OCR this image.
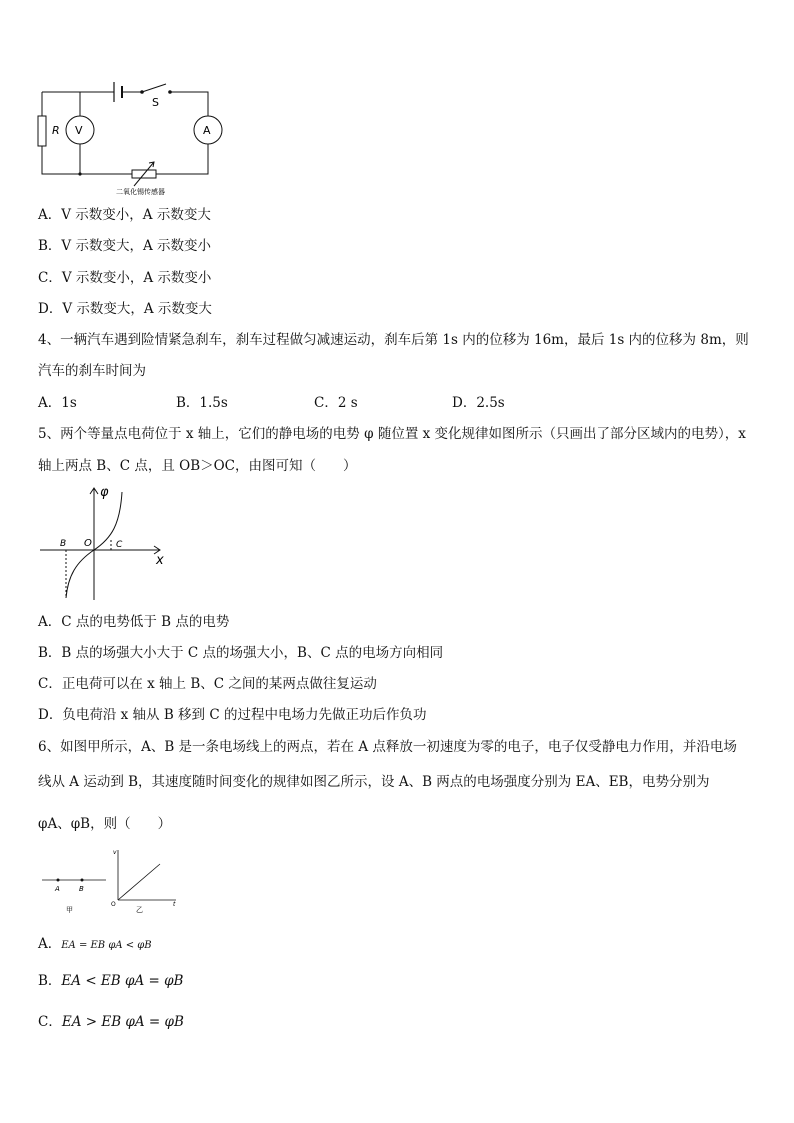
R V
S
A
二氧化锡传感器
A．V 示数变小，A 示数变大
B．V 示数变大，A 示数变小
C．V 示数变小，A 示数变小
D．V 示数变大，A 示数变大
4、一辆汽车遇到险情紧急刹车，刹车过程做匀减速运动，刹车后第 1s 内的位移为 16m，最后 1s 内的位移为 8m，则
汽车的刹车时间为
A．1s	B．1.5s	C．2 s	D．2.5s
5、两个等量点电荷位于 x 轴上，它们的静电场的电势 φ 随位置 x 变化规律如图所示（只画出了部分区域内的电势），x
轴上两点 B、C 点，且 OB＞OC，由图可知（　　）
φ
x
O
B	C
A．C 点的电势低于 B 点的电势
B．B 点的场强大小大于 C 点的场强大小，B、C 点的电场方向相同
C．正电荷可以在 x 轴上 B、C 之间的某两点做往复运动
D．负电荷沿 x 轴从 B 移到 C 的过程中电场力先做正功后作负功
6、如图甲所示，A、B 是一条电场线上的两点，若在 A 点释放一初速度为零的电子，电子仅受静电力作用，并沿电场
线从 A 运动到 B，其速度随时间变化的规律如图乙所示，设 A、B 两点的电场强度分别为 EA、EB，电势分别为
φA、φB，则（　　）
A	B
甲
v
t
O
乙
A．EA = EB φA < φB
B．EA < EB φA = φB
C．EA > EB φA = φB
